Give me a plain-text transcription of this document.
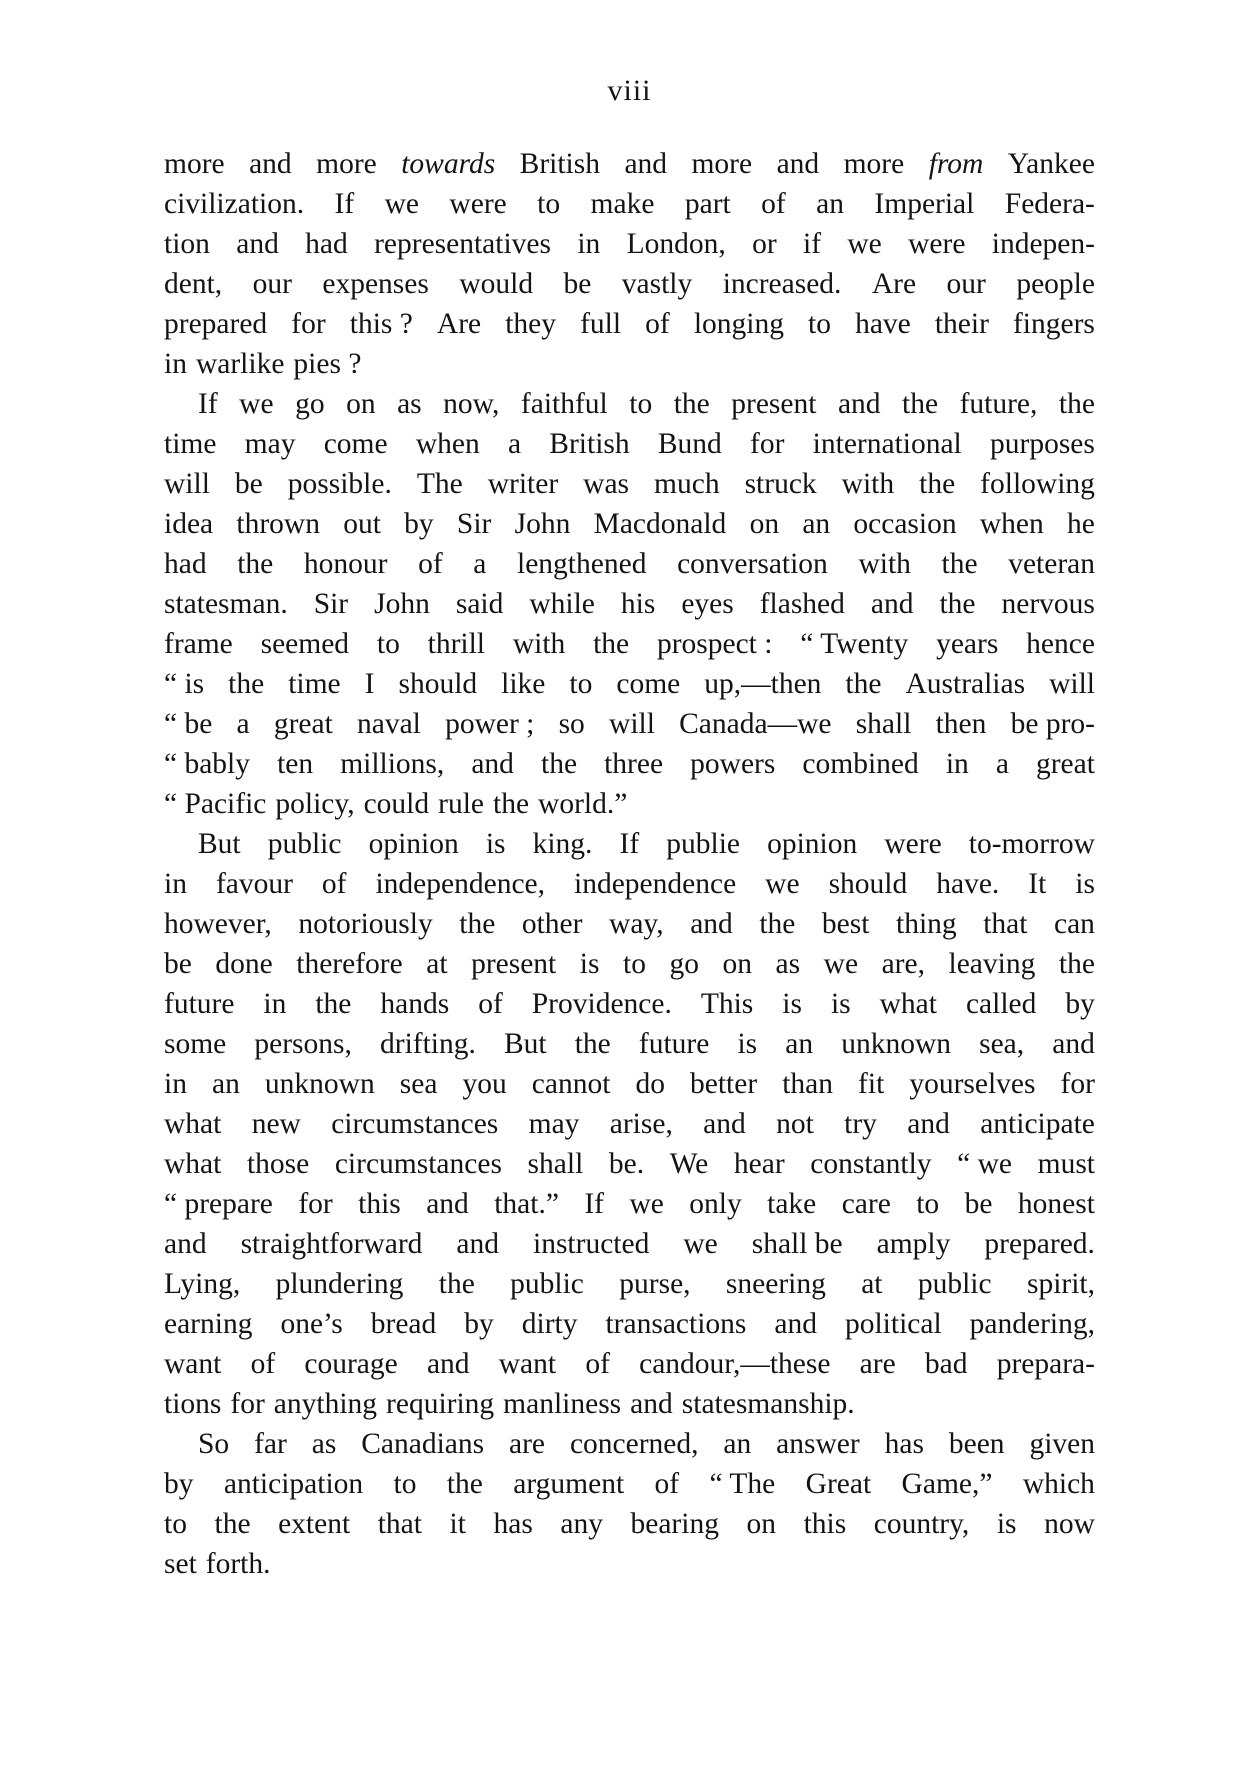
viii
more and more towards British and more and more from Yankee
civilization. If we were to make part of an Imperial Federa-
tion and had representatives in London, or if we were indepen-
dent, our expenses would be vastly increased. Are our people
prepared for this ? Are they full of longing to have their fingers
in warlike pies ?
If we go on as now, faithful to the present and the future, the
time may come when a British Bund for international purposes
will be possible. The writer was much struck with the following
idea thrown out by Sir John Macdonald on an occasion when he
had the honour of a lengthened conversation with the veteran
statesman. Sir John said while his eyes flashed and the nervous
frame seemed to thrill with the prospect : “ Twenty years hence
“ is the time I should like to come up,—then the Australias will
“ be a great naval power ; so will Canada—we shall then be pro-
“ bably ten millions, and the three powers combined in a great
“ Pacific policy, could rule the world.”
But public opinion is king. If publie opinion were to-morrow
in favour of independence, independence we should have. It is
however, notoriously the other way, and the best thing that can
be done therefore at present is to go on as we are, leaving the
future in the hands of Providence. This is is what called by
some persons, drifting. But the future is an unknown sea, and
in an unknown sea you cannot do better than fit yourselves for
what new circumstances may arise, and not try and anticipate
what those circumstances shall be. We hear constantly “ we must
“ prepare for this and that.” If we only take care to be honest
and straightforward and instructed we shall be amply prepared.
Lying, plundering the public purse, sneering at public spirit,
earning one’s bread by dirty transactions and political pandering,
want of courage and want of candour,—these are bad prepara-
tions for anything requiring manliness and statesmanship.
So far as Canadians are concerned, an answer has been given
by anticipation to the argument of “ The Great Game,” which
to the extent that it has any bearing on this country, is now
set forth.
